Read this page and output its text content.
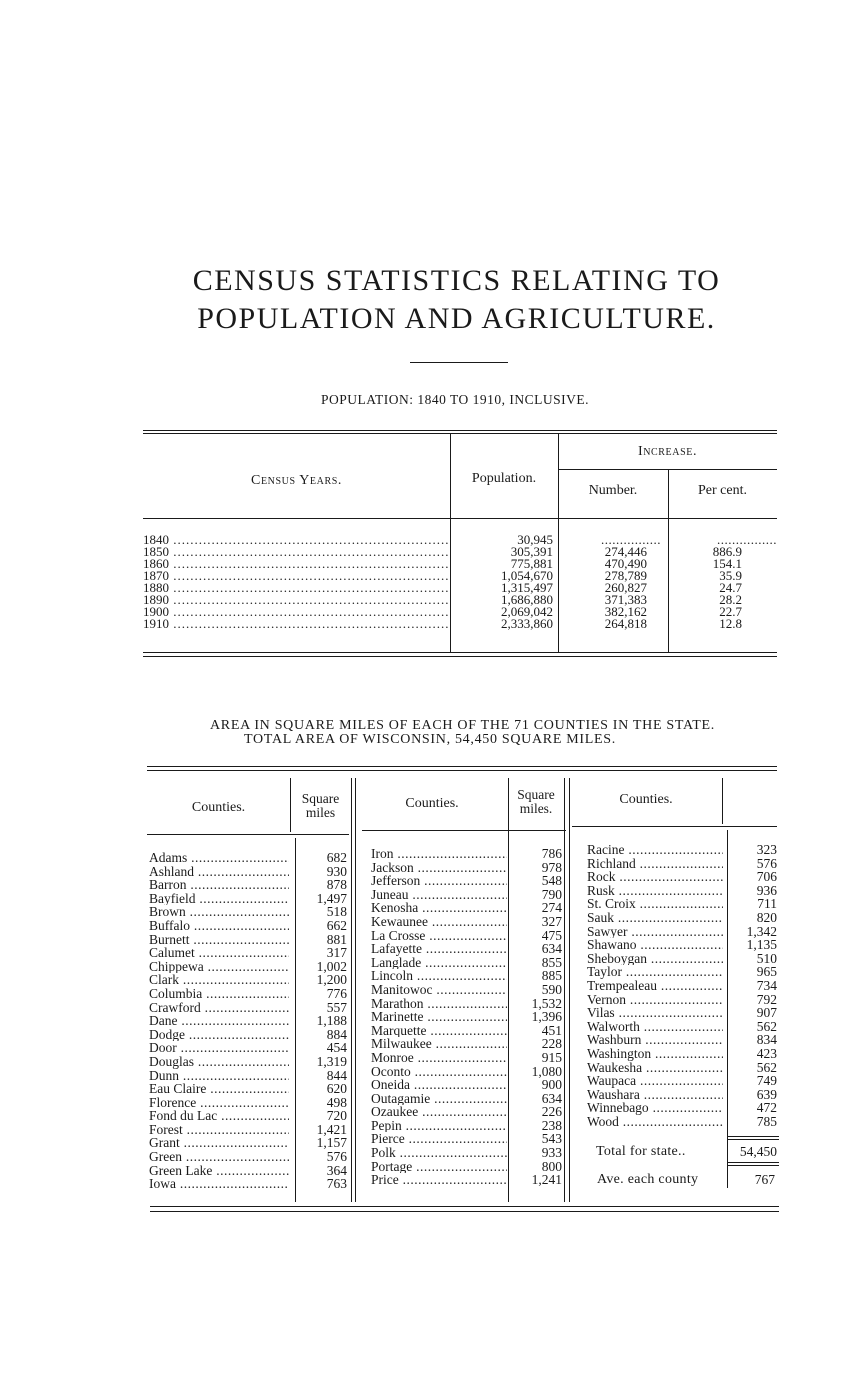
CENSUS STATISTICS RELATING TO
POPULATION AND AGRICULTURE.
POPULATION: 1840 TO 1910, INCLUSIVE.
Census Years.	Population.
Increase.
Number.	Per cent.
1840 .....	30,945	................	................
1850 .....	305,391	274,446	886.9
1860 .....	775,881	470,490	154.1
1870 .....	1,054,670	278,789	35.9
1880 .....	1,315,497	260,827	24.7
1890 .....	1,686,880	371,383	28.2
1900 .....	2,069,042	382,162	22.7
1910 .....	2,333,860	264,818	12.8
AREA IN SQUARE MILES OF EACH OF THE 71 COUNTIES IN THE STATE.
TOTAL AREA OF WISCONSIN, 54,450 SQUARE MILES.
Counties.
Square
miles
Counties.
Square
miles.
Counties.
Adams .....	682
Ashland .....	930
Barron .....	878
Bayfield .....	1,497
Brown .....	518
Buffalo .....	662
Burnett .....	881
Calumet .....	317
Chippewa .....	1,002
Clark .....	1,200
Columbia .....	776
Crawford .....	557
Dane .....	1,188
Dodge .....	884
Door .....	454
Douglas .....	1,319
Dunn .....	844
Eau Claire .....	620
Florence .....	498
Fond du Lac .....	720
Forest .....	1,421
Grant .....	1,157
Green .....	576
Green Lake .....	364
Iowa .....	763
Iron .....	786
Jackson .....	978
Jefferson .....	548
Juneau .....	790
Kenosha .....	274
Kewaunee .....	327
La Crosse .....	475
Lafayette .....	634
Langlade .....	855
Lincoln .....	885
Manitowoc .....	590
Marathon .....	1,532
Marinette .....	1,396
Marquette .....	451
Milwaukee .....	228
Monroe .....	915
Oconto .....	1,080
Oneida .....	900
Outagamie .....	634
Ozaukee .....	226
Pepin .....	238
Pierce .....	543
Polk .....	933
Portage .....	800
Price .....	1,241
Racine .....	323
Richland .....	576
Rock .....	706
Rusk .....	936
St. Croix .....	711
Sauk .....	820
Sawyer .....	1,342
Shawano .....	1,135
Sheboygan .....	510
Taylor .....	965
Trempealeau .....	734
Vernon .....	792
Vilas .....	907
Walworth .....	562
Washburn .....	834
Washington .....	423
Waukesha .....	562
Waupaca .....	749
Waushara .....	639
Winnebago .....	472
Wood .....	785
Total for state..	54,450
Ave. each county	767
